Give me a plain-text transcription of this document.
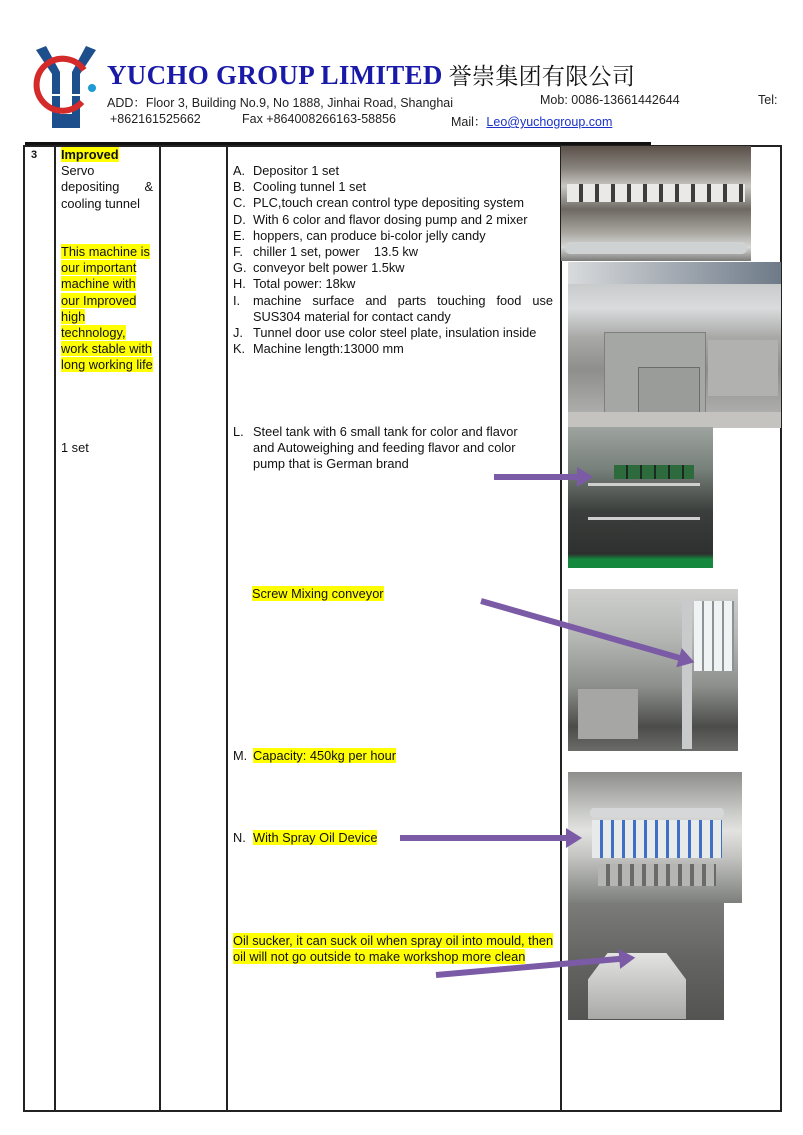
YUCHO GROUP LIMITED 誉崇集团有限公司
ADD：Floor 3, Building No.9, No 1888, Jinhai Road, Shanghai	Mob: 0086-13661442644	Tel:
+862161525662	Fax +864008266163-58856	Mail：Leo@yuchogroup.com
3 Improved

Servo depositing & cooling tunnel
This machine is our important machine with our Improved high technology, work stable with long working life
1 set
A. Depositor 1 set
B. Cooling tunnel 1 set
C. PLC,touch crean control type depositing system
D. With 6 color and flavor dosing pump and 2 mixer
E. hoppers, can produce bi-color jelly candy
F. chiller 1 set, power    13.5 kw
G. conveyor belt power 1.5kw
H. Total power: 18kw
I.	machine surface and parts touching food use SUS304 material for contact candy
J. Tunnel door use color steel plate, insulation inside
K. Machine length:13000 mm
L. Steel tank with 6 small tank for color and flavor and Autoweighing and feeding flavor and color pump that is German brand
Screw Mixing conveyor
M. Capacity: 450kg per hour
N. With Spray Oil Device
Oil sucker, it can suck oil when spray oil into mould, then oil will not go outside to make workshop more clean
